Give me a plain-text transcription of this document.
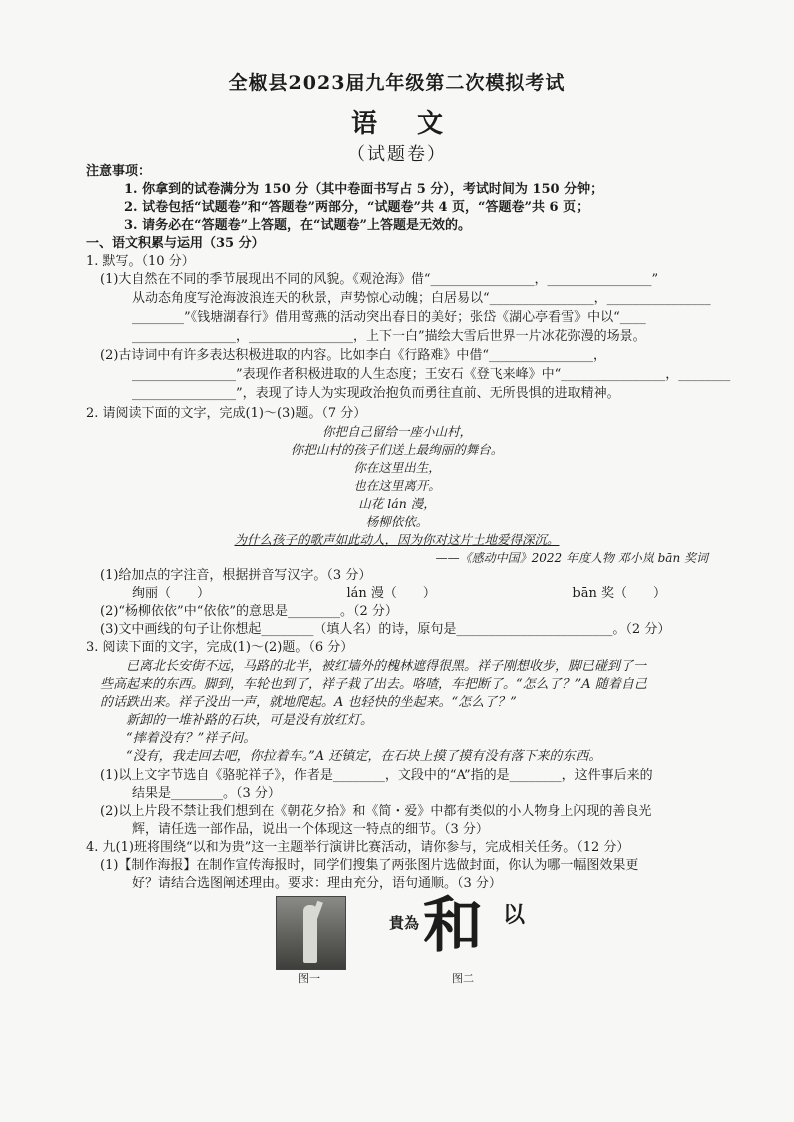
全椒县2023届九年级第二次模拟考试
语文
（试题卷）
注意事项：
1. 你拿到的试卷满分为 150 分（其中卷面书写占 5 分），考试时间为 150 分钟；
2. 试卷包括“试题卷”和“答题卷”两部分，“试题卷”共 4 页，“答题卷”共 6 页；
3. 请务必在“答题卷”上答题，在“试题卷”上答题是无效的。
一、语文积累与运用（35 分）
1. 默写。（10 分）
(1)大自然在不同的季节展现出不同的风貌。《观沧海》借“________________，________________”
从动态角度写沧海波浪连天的秋景，声势惊心动魄；白居易以“________________，________________
________”《钱塘湖春行》借用莺燕的活动突出春日的美好；张岱《湖心亭看雪》中以“____
________________，________________，上下一白”描绘大雪后世界一片冰花弥漫的场景。
(2)古诗词中有许多表达积极进取的内容。比如李白《行路难》中借“________________，
________________”表现作者积极进取的人生态度；王安石《登飞来峰》中“________________，________
________________”，表现了诗人为实现政治抱负而勇往直前、无所畏惧的进取精神。
2. 请阅读下面的文字，完成(1)～(3)题。（7 分）
你把自己留给一座小山村，
你把山村的孩子们送上最绚丽的舞台。
你在这里出生，
也在这里离开。
山花 lán 漫，
杨柳依依。
为什么孩子的歌声如此动人，因为你对这片土地爱得深沉。
——《感动中国》2022 年度人物 邓小岚 bān 奖词
(1)给加点的字注音，根据拼音写汉字。（3 分）
绚丽（　　）　　　　　　　　　　　lán 漫（　　）　　　　　　　　　　　bān 奖（　　）
(2)“杨柳依依”中“依依”的意思是________。（2 分）
(3)文中画线的句子让你想起________（填人名）的诗，原句是________________________。（2 分）
3. 阅读下面的文字，完成(1)～(2)题。（6 分）
　　已离北长安街不远，马路的北半，被红墙外的槐林遮得很黑。祥子刚想收步，脚已碰到了一
些高起来的东西。脚到，车轮也到了，祥子栽了出去。咯喳，车把断了。“怎么了？”A 随着自己
的话跌出来。祥子没出一声，就地爬起。A 也轻快的坐起来。“怎么了？”
　　新卸的一堆补路的石块，可是没有放红灯。
　　“摔着没有？”祥子问。
　　“没有，我走回去吧，你拉着车。”A 还镇定，在石块上摸了摸有没有落下来的东西。
(1)以上文字节选自《骆驼祥子》，作者是________，文段中的“A”指的是________，这件事后来的
结果是________。（3 分）
(2)以上片段不禁让我们想到在《朝花夕拾》和《简・爱》中都有类似的小人物身上闪现的善良光
辉，请任选一部作品，说出一个体现这一特点的细节。（3 分）
4. 九(1)班将围绕“以和为贵”这一主题举行演讲比赛活动，请你参与，完成相关任务。（12 分）
(1)【制作海报】在制作宣传海报时，同学们搜集了两张图片选做封面，你认为哪一幅图效果更
好？请结合选图阐述理由。要求：理由充分，语句通顺。（3 分）
图一
貴為 和 以
图二
